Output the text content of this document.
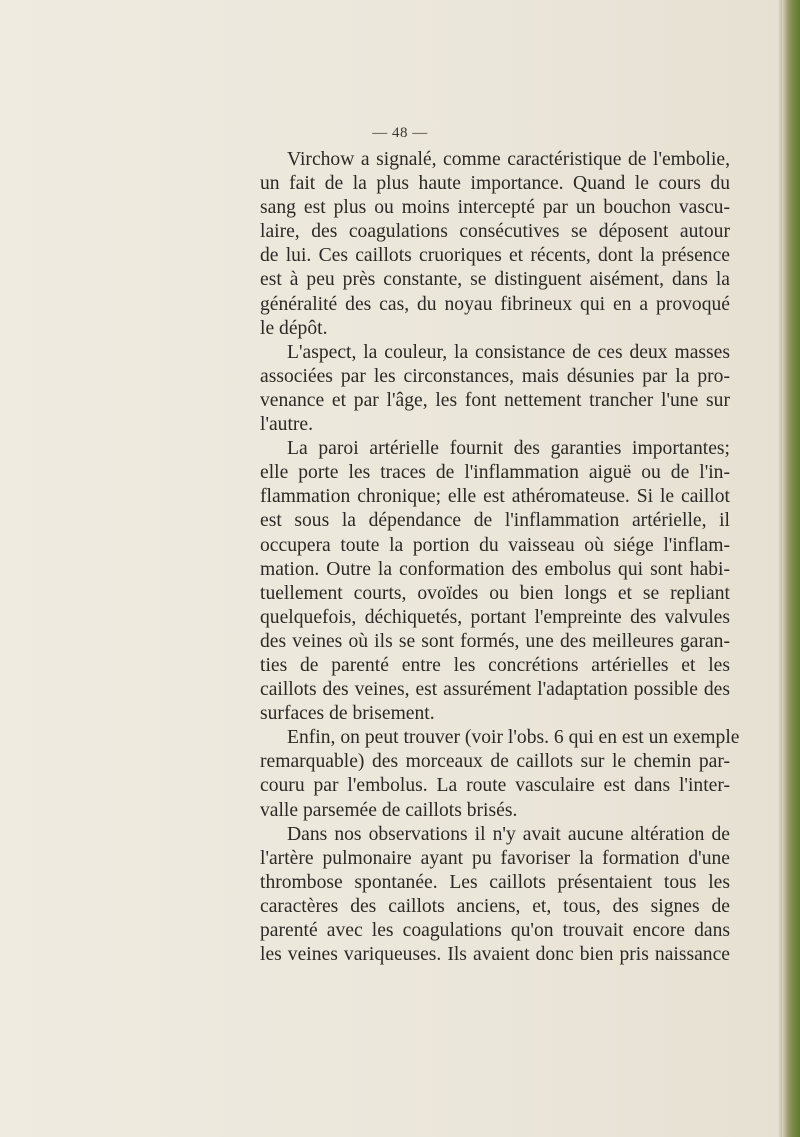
— 48 —
Virchow a signalé, comme caractéristique de l'embolie,
un fait de la plus haute importance. Quand le cours du
sang est plus ou moins intercepté par un bouchon vascu-
laire, des coagulations consécutives se déposent autour
de lui. Ces caillots cruoriques et récents, dont la présence
est à peu près constante, se distinguent aisément, dans la
généralité des cas, du noyau fibrineux qui en a provoqué
le dépôt.
L'aspect, la couleur, la consistance de ces deux masses
associées par les circonstances, mais désunies par la pro-
venance et par l'âge, les font nettement trancher l'une sur
l'autre.
La paroi artérielle fournit des garanties importantes;
elle porte les traces de l'inflammation aiguë ou de l'in-
flammation chronique; elle est athéromateuse. Si le caillot
est sous la dépendance de l'inflammation artérielle, il
occupera toute la portion du vaisseau où siége l'inflam-
mation. Outre la conformation des embolus qui sont habi-
tuellement courts, ovoïdes ou bien longs et se repliant
quelquefois, déchiquetés, portant l'empreinte des valvules
des veines où ils se sont formés, une des meilleures garan-
ties de parenté entre les concrétions artérielles et les
caillots des veines, est assurément l'adaptation possible des
surfaces de brisement.
Enfin, on peut trouver (voir l'obs. 6 qui en est un exemple
remarquable) des morceaux de caillots sur le chemin par-
couru par l'embolus. La route vasculaire est dans l'inter-
valle parsemée de caillots brisés.
Dans nos observations il n'y avait aucune altération de
l'artère pulmonaire ayant pu favoriser la formation d'une
thrombose spontanée. Les caillots présentaient tous les
caractères des caillots anciens, et, tous, des signes de
parenté avec les coagulations qu'on trouvait encore dans
les veines variqueuses. Ils avaient donc bien pris naissance
